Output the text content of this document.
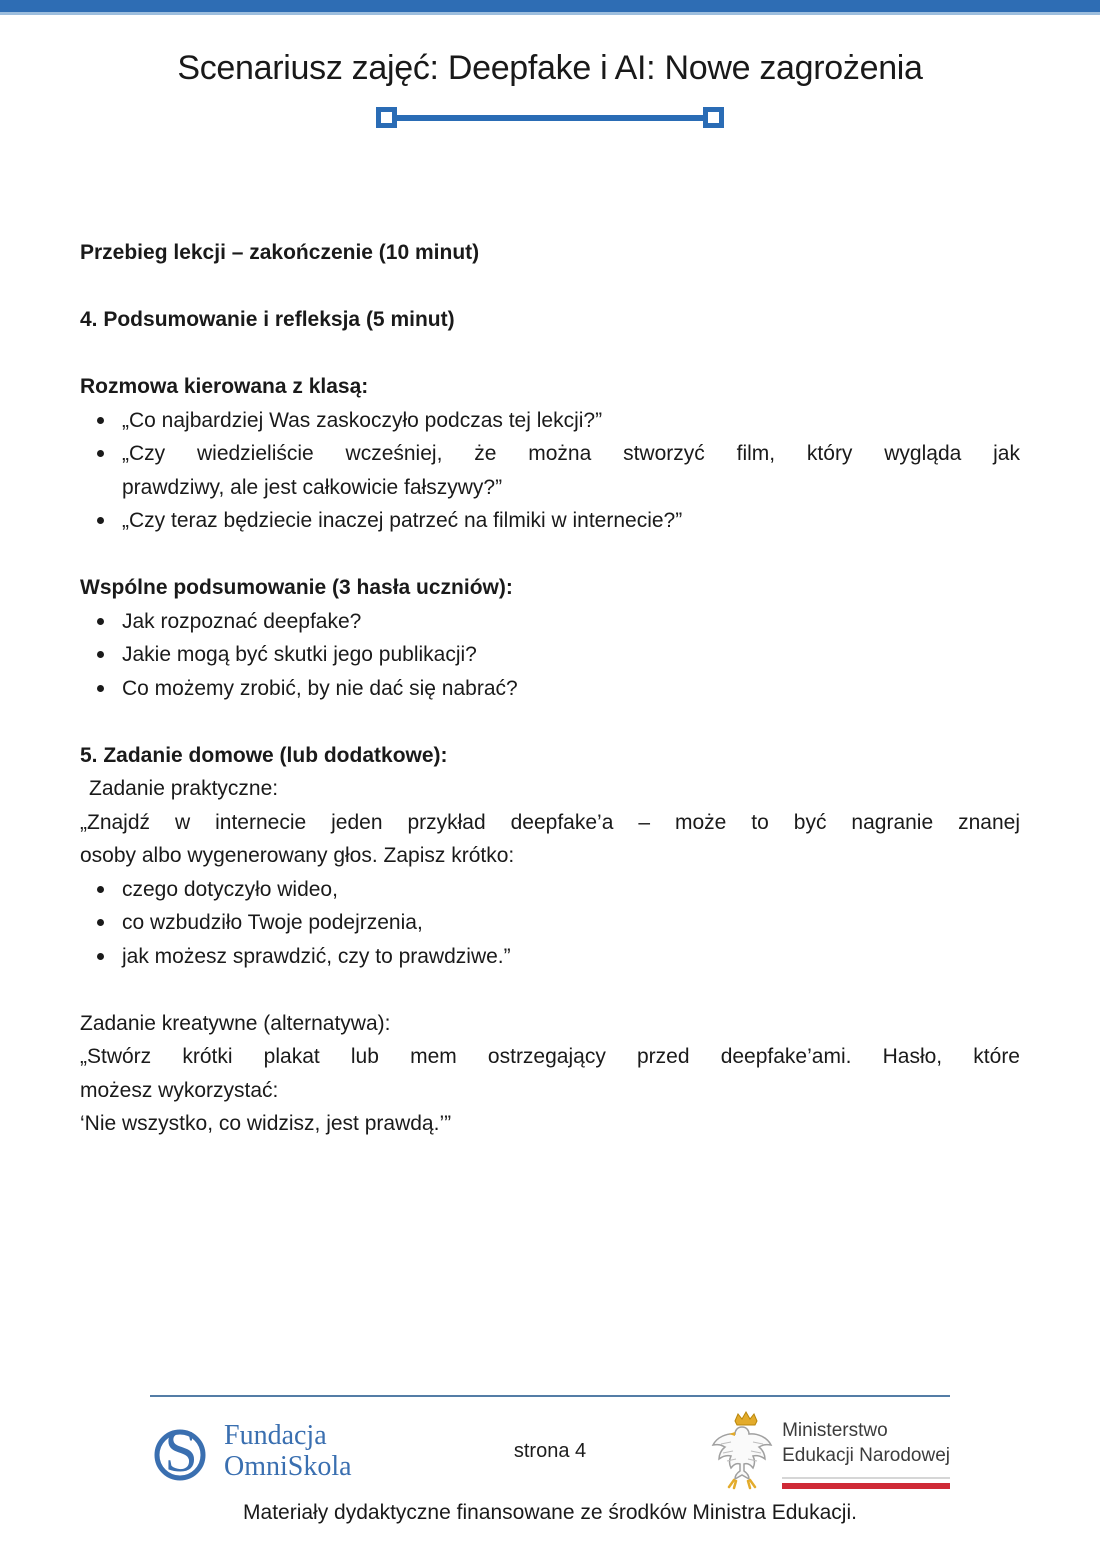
Scenariusz zajęć: Deepfake i AI: Nowe zagrożenia

Przebieg lekcji – zakończenie (10 minut)

4. Podsumowanie i refleksja (5 minut)

Rozmowa kierowana z klasą:

„Co najbardziej Was zaskoczyło podczas tej lekcji?”
„Czy wiedzieliście wcześniej, że można stworzyć film, który wygląda jak
prawdziwy, ale jest całkowicie fałszywy?”
„Czy teraz będziecie inaczej patrzeć na filmiki w internecie?”

Wspólne podsumowanie (3 hasła uczniów):

Jak rozpoznać deepfake?
Jakie mogą być skutki jego publikacji?
Co możemy zrobić, by nie dać się nabrać?

5. Zadanie domowe (lub dodatkowe):

Zadanie praktyczne:

„Znajdź w internecie jeden przykład deepfake’a – może to być nagranie znanej
osoby albo wygenerowany głos. Zapisz krótko:
czego dotyczyło wideo,
co wzbudziło Twoje podejrzenia,
jak możesz sprawdzić, czy to prawdziwe.”

Zadanie kreatywne (alternatywa):

„Stwórz krótki plakat lub mem ostrzegający przed deepfake’ami. Hasło, które
możesz wykorzystać:

‘Nie wszystko, co widzisz, jest prawdą.’”

S Fundacja
OmniSkola
strona 4
Ministerstwo
Edukacji Narodowej
Materiały dydaktyczne finansowane ze środków Ministra Edukacji.
